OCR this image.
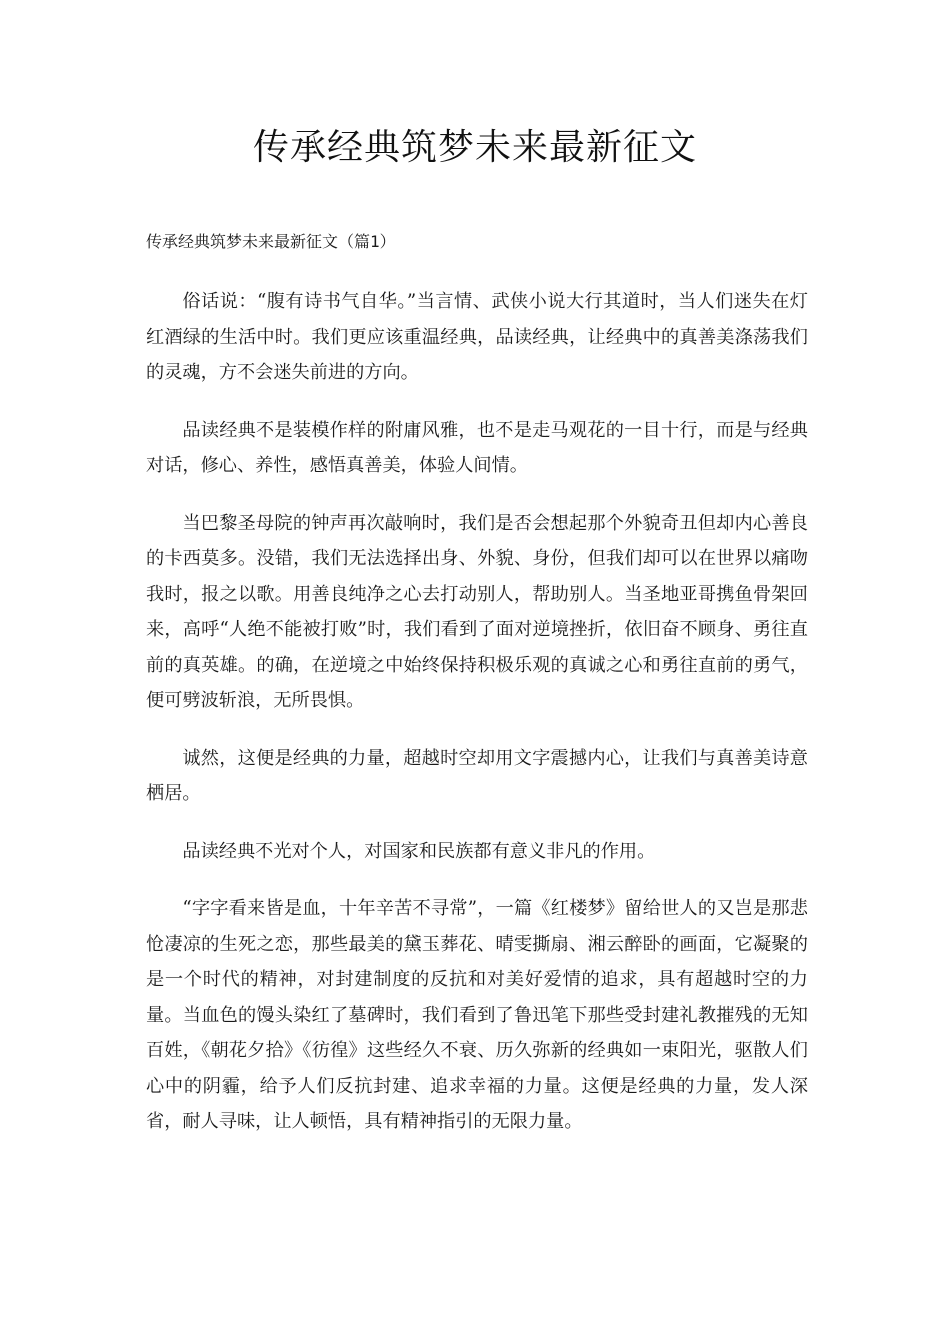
传承经典筑梦未来最新征文
传承经典筑梦未来最新征文（篇1）

俗话说：“腹有诗书气自华。”当言情、武侠小说大行其道时，当人们迷失在灯红酒绿的生活中时。我们更应该重温经典，品读经典，让经典中的真善美涤荡我们的灵魂，方不会迷失前进的方向。

品读经典不是装模作样的附庸风雅，也不是走马观花的一目十行，而是与经典对话，修心、养性，感悟真善美，体验人间情。

当巴黎圣母院的钟声再次敲响时，我们是否会想起那个外貌奇丑但却内心善良的卡西莫多。没错，我们无法选择出身、外貌、身份，但我们却可以在世界以痛吻我时，报之以歌。用善良纯净之心去打动别人，帮助别人。当圣地亚哥携鱼骨架回来，高呼“人绝不能被打败”时，我们看到了面对逆境挫折，依旧奋不顾身、勇往直前的真英雄。的确，在逆境之中始终保持积极乐观的真诚之心和勇往直前的勇气，便可劈波斩浪，无所畏惧。

诚然，这便是经典的力量，超越时空却用文字震撼内心，让我们与真善美诗意栖居。

品读经典不光对个人，对国家和民族都有意义非凡的作用。

“字字看来皆是血，十年辛苦不寻常”，一篇《红楼梦》留给世人的又岂是那悲怆凄凉的生死之恋，那些最美的黛玉葬花、晴雯撕扇、湘云醉卧的画面，它凝聚的是一个时代的精神，对封建制度的反抗和对美好爱情的追求，具有超越时空的力量。当血色的馒头染红了墓碑时，我们看到了鲁迅笔下那些受封建礼教摧残的无知百姓，《朝花夕拾》《彷徨》这些经久不衰、历久弥新的经典如一束阳光，驱散人们心中的阴霾，给予人们反抗封建、追求幸福的力量。这便是经典的力量，发人深省，耐人寻味，让人顿悟，具有精神指引的无限力量。
